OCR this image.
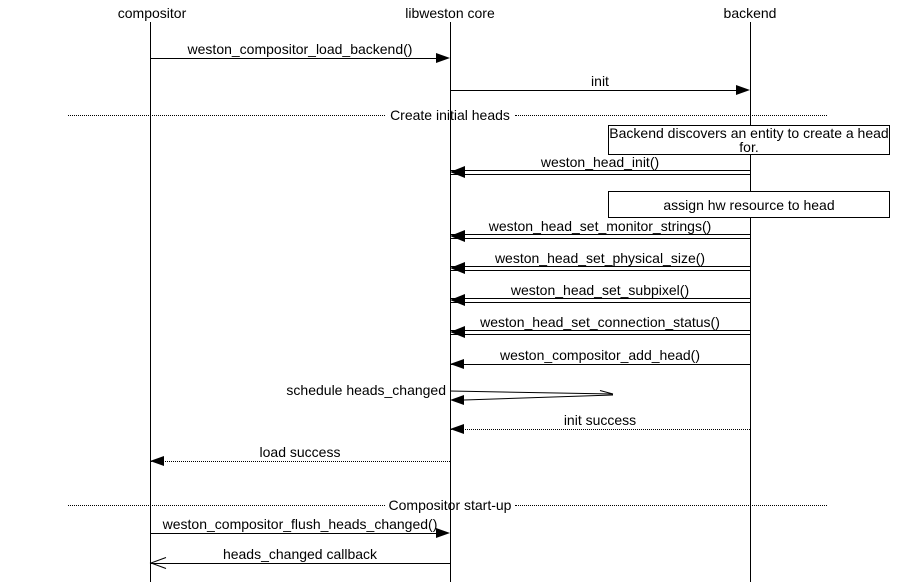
compositor	libweston core	backend
weston_compositor_load_backend()
init
Create initial heads
Backend discovers an entity to create a head for.
weston_head_init()
assign hw resource to head
weston_head_set_monitor_strings()
weston_head_set_physical_size()
weston_head_set_subpixel()
weston_head_set_connection_status()
weston_compositor_add_head()
schedule heads_changed
init success
load success
Compositor start-up
weston_compositor_flush_heads_changed()
heads_changed callback
